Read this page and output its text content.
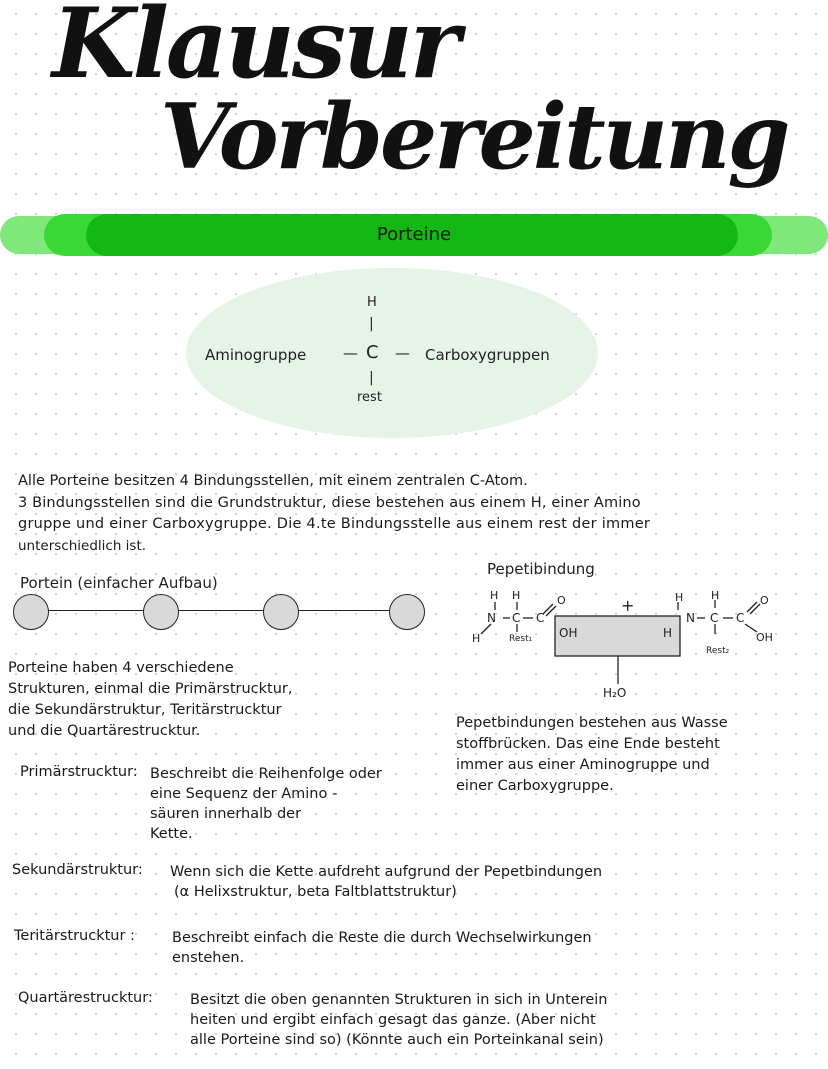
Klausur
Vorbereitung
Porteine
H
|
Aminogruppe — C — Carboxygruppen
|
rest
Alle Porteine besitzen 4 Bindungsstellen, mit einem zentralen C-Atom.
3 Bindungsstellen sind die Grundstruktur, diese bestehen aus einem H, einer Amino
gruppe und einer Carboxygruppe. Die 4.te Bindungsstelle aus einem rest der immer
unterschiedlich ist.
Portein (einfacher Aufbau)
Porteine haben 4 verschiedene
Strukturen, einmal die Primärstrucktur,
die Sekundärstruktur, Teritärstrucktur
und die Quartärestrucktur.
Pepetibindung
+
H H
N C C
O
H	Rest₁ OH	H
H	H
N C C
O
OH
Rest₂
H₂O
Pepetbindungen bestehen aus Wasse
stoffbrücken. Das eine Ende besteht
immer aus einer Aminogruppe und
einer Carboxygruppe.
Primärstrucktur: Beschreibt die Reihenfolge oder
eine Sequenz der Amino -
säuren innerhalb der
Kette.
Sekundärstruktur: Wenn sich die Kette aufdreht aufgrund der Pepetbindungen
(α Helixstruktur, beta Faltblattstruktur)
Teritärstrucktur :	Beschreibt einfach die Reste die durch Wechselwirkungen
enstehen.
Quartärestrucktur:	Besitzt die oben genannten Strukturen in sich in Unterein
heiten und ergibt einfach gesagt das ganze. (Aber nicht
alle Porteine sind so) (Könnte auch ein Porteinkanal sein)
